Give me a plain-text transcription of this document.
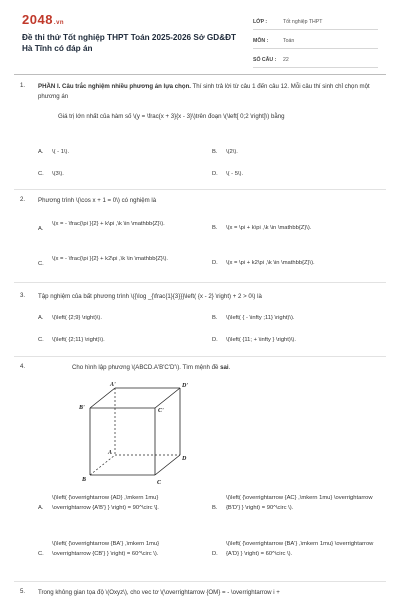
2048.vn
Đề thi thử Tốt nghiệp THPT Toán 2025-2026 Sở GD&ĐT Hà Tĩnh có đáp án
LỚP :	Tốt nghiệp THPT
MÔN :	Toán
SỐ CÂU :	22
1. PHẦN I. Câu trắc nghiệm nhiều phương án lựa chọn. Thí sinh trả lời từ câu 1 đến câu 12. Mỗi câu thí sinh chỉ chọn một phương án
Giá trị lớn nhất của hàm số \(y = \frac{x + 3}{x - 3}\)trên đoạn \(\left[ 0;2 \right]\) bằng
A. \( - 1\).	B. \(2\).
C. \(3\).	D. \( - 5\).
2. Phương trình \(\cos x + 1 = 0\) có nghiệm là
A.
\(x = - \frac{\pi }{2} + k\pi ,\k \in \mathbb{Z}\).
B. \(x = \pi + k\pi ,\k \in \mathbb{Z}\).
C.
\(x = - \frac{\pi }{2} + k2\pi ,\k \in \mathbb{Z}\).
D. \(x = \pi + k2\pi ,\k \in \mathbb{Z}\).
3. Tập nghiệm của bất phương trình \({\log _{\frac{1}{3}}}\left( {x - 2} \right) + 2 > 0\) là
A. \(\left( {2;9} \right)\).	B. \(\left( { - \infty ;11} \right)\).
C. \(\left( {2;11} \right)\).	D. \(\left( {11; + \infty } \right)\).
4.	Cho hình lập phương \(ABCD.A'B'C'D'\). Tìm mệnh đề sai.
A'	D'
B'	C'
A
D
B	C
A.
\(\left( {\overrightarrow {AD} ,\mkern 1mu} \overrightarrow {A'B'} } \right) = 90^\circ \].	B.
\(\left( {\overrightarrow {AC} ,\mkern 1mu} \overrightarrow {B'D'} } \right) = 90^\circ \).
C.
\(\left( {\overrightarrow {BA'} ,\mkern 1mu} \overrightarrow {CB'} } \right) = 60^\circ \).	D.
\(\left( {\overrightarrow {BA'} ,\mkern 1mu} \overrightarrow {A'D} } \right) = 60^\circ \).
5. Trong không gian tọa độ \(Oxyz\), cho vec tơ \(\overrightarrow {OM} = - \overrightarrow i +
